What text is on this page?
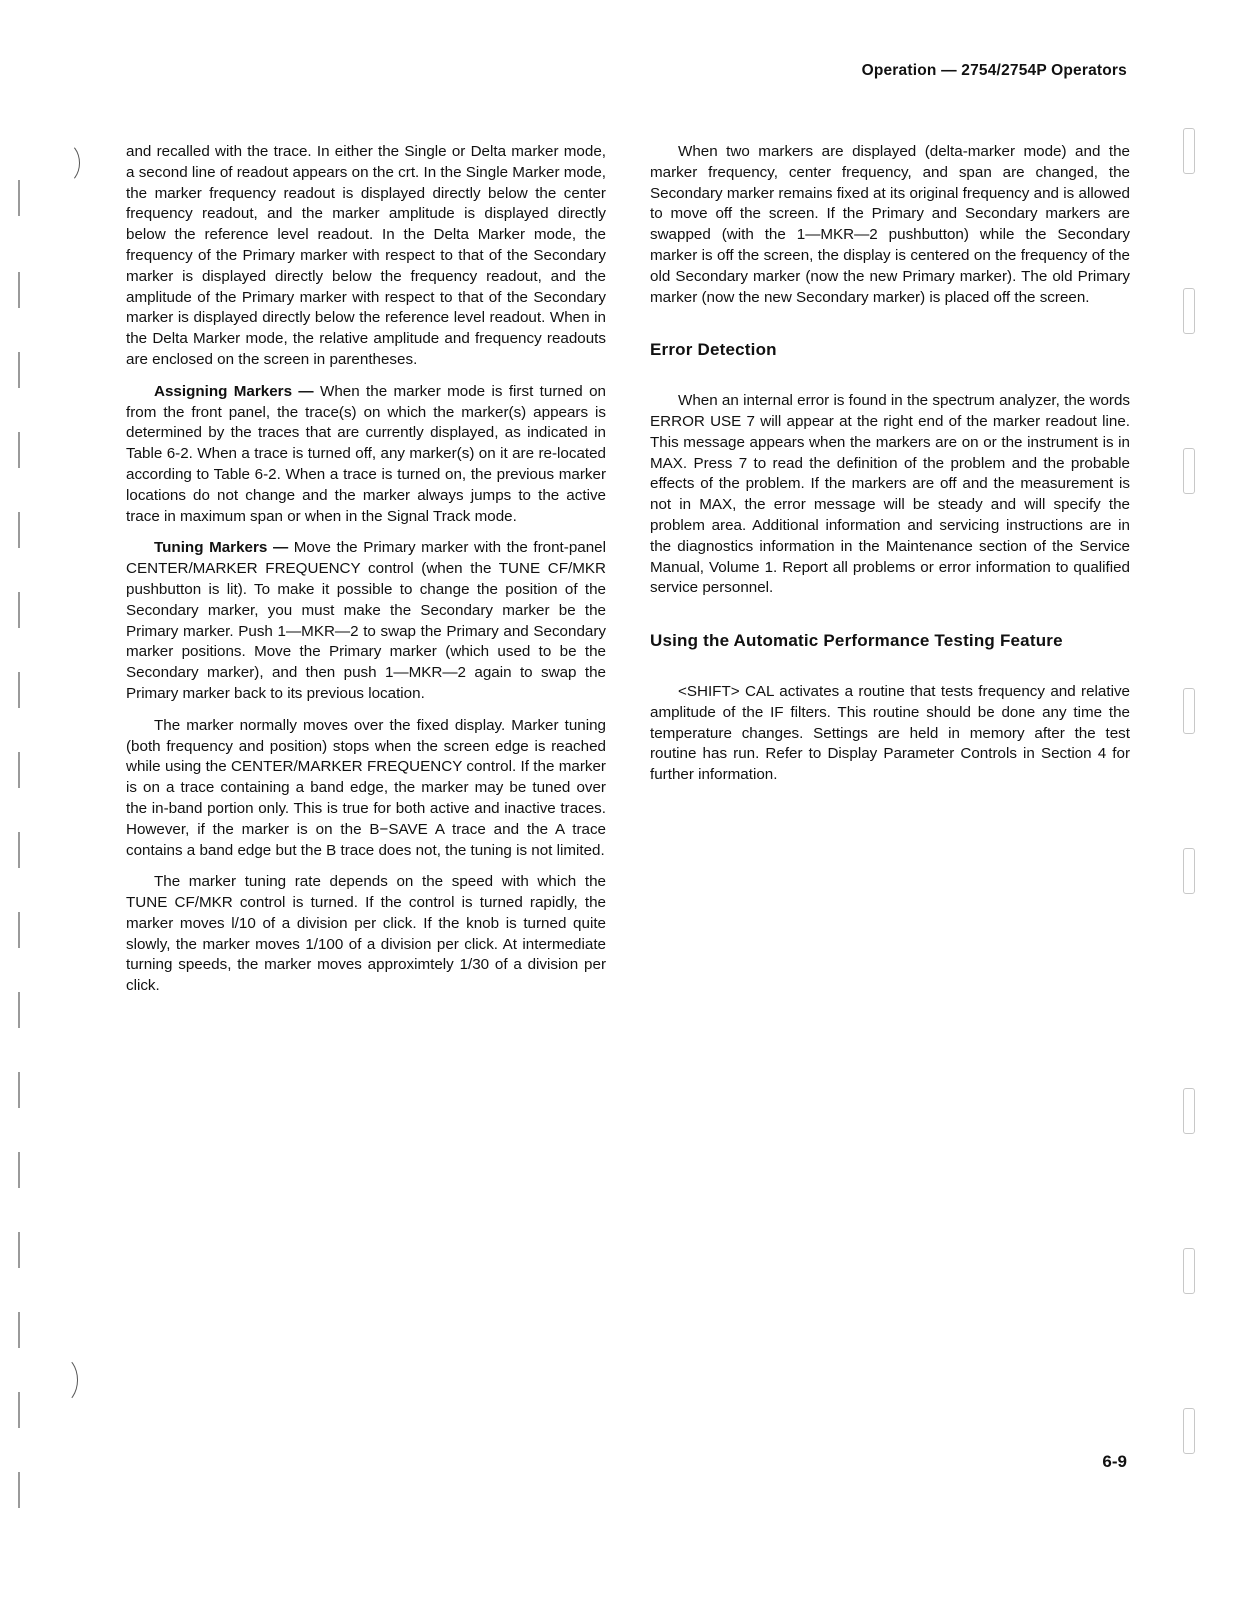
Operation — 2754/2754P Operators

and recalled with the trace. In either the Single or Delta marker mode, a second line of readout appears on the crt. In the Single Marker mode, the marker frequency readout is displayed directly below the center frequency readout, and the marker amplitude is displayed directly below the reference level readout. In the Delta Marker mode, the frequency of the Primary marker with respect to that of the Secondary marker is displayed directly below the frequency readout, and the amplitude of the Primary marker with respect to that of the Secondary marker is displayed directly below the reference level readout. When in the Delta Marker mode, the relative amplitude and frequency readouts are enclosed on the screen in parentheses.

Assigning Markers — When the marker mode is first turned on from the front panel, the trace(s) on which the marker(s) appears is determined by the traces that are currently displayed, as indicated in Table 6-2. When a trace is turned off, any marker(s) on it are re-located according to Table 6-2. When a trace is turned on, the previous marker locations do not change and the marker always jumps to the active trace in maximum span or when in the Signal Track mode.

Tuning Markers — Move the Primary marker with the front-panel CENTER/MARKER FREQUENCY control (when the TUNE CF/MKR pushbutton is lit). To make it possible to change the position of the Secondary marker, you must make the Secondary marker be the Primary marker. Push 1—MKR—2 to swap the Primary and Secondary marker positions. Move the Primary marker (which used to be the Secondary marker), and then push 1—MKR—2 again to swap the Primary marker back to its previous location.

The marker normally moves over the fixed display. Marker tuning (both frequency and position) stops when the screen edge is reached while using the CENTER/MARKER FREQUENCY control. If the marker is on a trace containing a band edge, the marker may be tuned over the in-band portion only. This is true for both active and inactive traces. However, if the marker is on the B−SAVE A trace and the A trace contains a band edge but the B trace does not, the tuning is not limited.

The marker tuning rate depends on the speed with which the TUNE CF/MKR control is turned. If the control is turned rapidly, the marker moves l/10 of a division per click. If the knob is turned quite slowly, the marker moves 1/100 of a division per click. At intermediate turning speeds, the marker moves approximtely 1/30 of a division per click.

When two markers are displayed (delta-marker mode) and the marker frequency, center frequency, and span are changed, the Secondary marker remains fixed at its original frequency and is allowed to move off the screen. If the Primary and Secondary markers are swapped (with the 1—MKR—2 pushbutton) while the Secondary marker is off the screen, the display is centered on the frequency of the old Secondary marker (now the new Primary marker). The old Primary marker (now the new Secondary marker) is placed off the screen.

Error Detection

When an internal error is found in the spectrum analyzer, the words ERROR USE 7 will appear at the right end of the marker readout line. This message appears when the markers are on or the instrument is in MAX. Press 7 to read the definition of the problem and the probable effects of the problem. If the markers are off and the measurement is not in MAX, the error message will be steady and will specify the problem area. Additional information and servicing instructions are in the diagnostics information in the Maintenance section of the Service Manual, Volume 1. Report all problems or error information to qualified service personnel.

Using the Automatic Performance Testing Feature

<SHIFT> CAL activates a routine that tests frequency and relative amplitude of the IF filters. This routine should be done any time the temperature changes. Settings are held in memory after the test routine has run. Refer to Display Parameter Controls in Section 4 for further information.

6-9
